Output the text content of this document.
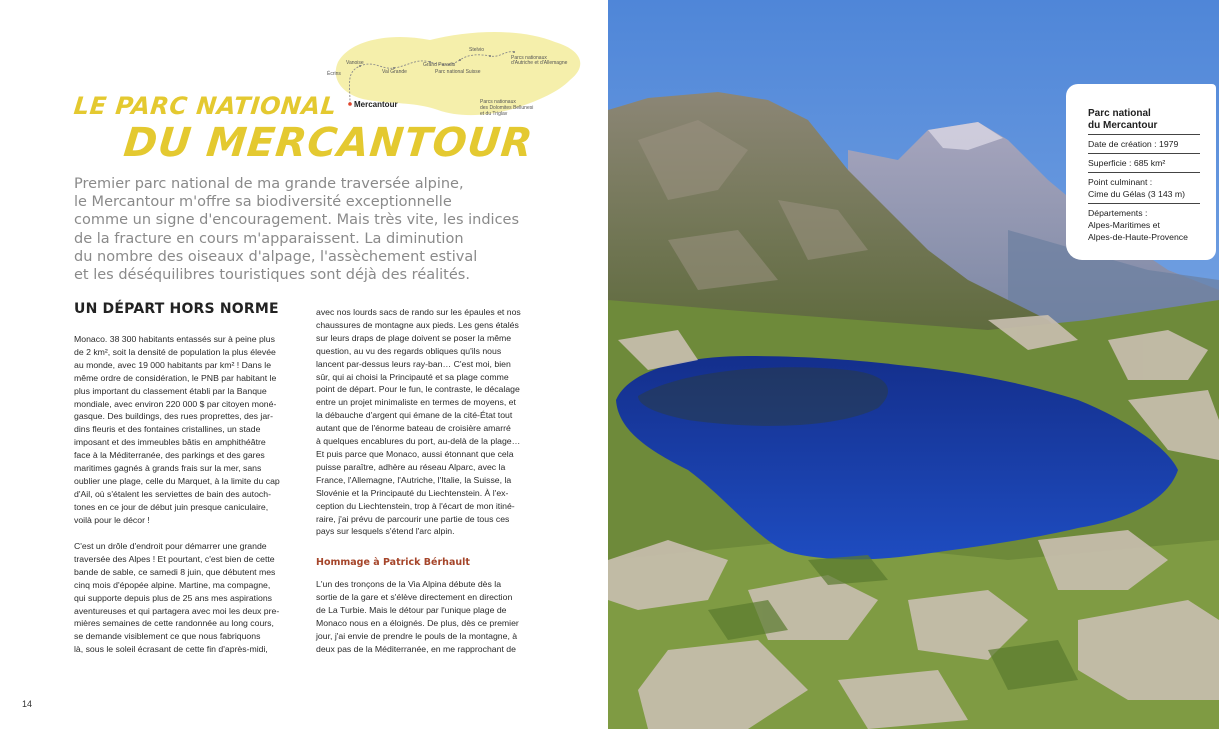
Vanoise
Écrins	Val Grande
Grand Paradis
Parc national Suisse
Stelvio
Parcs nationaux
d'Autriche et d'Allemagne
Parcs nationaux
des Dolomites Bellunesi
et du Triglav
Mercantour
LE PARC NATIONAL
DU MERCANTOUR
Premier parc national de ma grande traversée alpine,
le Mercantour m'offre sa biodiversité exceptionnelle
comme un signe d'encouragement. Mais très vite, les indices
de la fracture en cours m'apparaissent. La diminution
du nombre des oiseaux d'alpage, l'assèchement estival
et les déséquilibres touristiques sont déjà des réalités.
UN DÉPART HORS NORME
Monaco. 38 300 habitants entassés sur à peine plus
de 2 km², soit la densité de population la plus élevée
au monde, avec 19 000 habitants par km² ! Dans le
même ordre de considération, le PNB par habitant le
plus important du classement établi par la Banque
mondiale, avec environ 220 000 $ par citoyen moné-
gasque. Des buildings, des rues proprettes, des jar-
dins fleuris et des fontaines cristallines, un stade
imposant et des immeubles bâtis en amphithéâtre
face à la Méditerranée, des parkings et des gares
maritimes gagnés à grands frais sur la mer, sans
oublier une plage, celle du Marquet, à la limite du cap
d'Ail, où s'étalent les serviettes de bain des autoch-
tones en ce jour de début juin presque caniculaire,
voilà pour le décor !
C'est un drôle d'endroit pour démarrer une grande
traversée des Alpes ! Et pourtant, c'est bien de cette
bande de sable, ce samedi 8 juin, que débutent mes
cinq mois d'épopée alpine. Martine, ma compagne,
qui supporte depuis plus de 25 ans mes aspirations
aventureuses et qui partagera avec moi les deux pre-
mières semaines de cette randonnée au long cours,
se demande visiblement ce que nous fabriquons
là, sous le soleil écrasant de cette fin d'après-midi,
avec nos lourds sacs de rando sur les épaules et nos
chaussures de montagne aux pieds. Les gens étalés
sur leurs draps de plage doivent se poser la même
question, au vu des regards obliques qu'ils nous
lancent par-dessus leurs ray-ban… C'est moi, bien
sûr, qui ai choisi la Principauté et sa plage comme
point de départ. Pour le fun, le contraste, le décalage
entre un projet minimaliste en termes de moyens, et
la débauche d'argent qui émane de la cité-État tout
autant que de l'énorme bateau de croisière amarré
à quelques encablures du port, au-delà de la plage…
Et puis parce que Monaco, aussi étonnant que cela
puisse paraître, adhère au réseau Alparc, avec la
France, l'Allemagne, l'Autriche, l'Italie, la Suisse, la
Slovénie et la Principauté du Liechtenstein. À l'ex-
ception du Liechtenstein, trop à l'écart de mon itiné-
raire, j'ai prévu de parcourir une partie de tous ces
pays sur lesquels s'étend l'arc alpin.
Hommage à Patrick Bérhault
L'un des tronçons de la Via Alpina débute dès la
sortie de la gare et s'élève directement en direction
de La Turbie. Mais le détour par l'unique plage de
Monaco nous en a éloignés. De plus, dès ce premier
jour, j'ai envie de prendre le pouls de la montagne, à
deux pas de la Méditerranée, en me rapprochant de
14
Parc national
du Mercantour
Date de création : 1979
Superficie : 685 km²
Point culminant :
Cime du Gélas (3 143 m)
Départements :
Alpes-Maritimes et
Alpes-de-Haute-Provence
